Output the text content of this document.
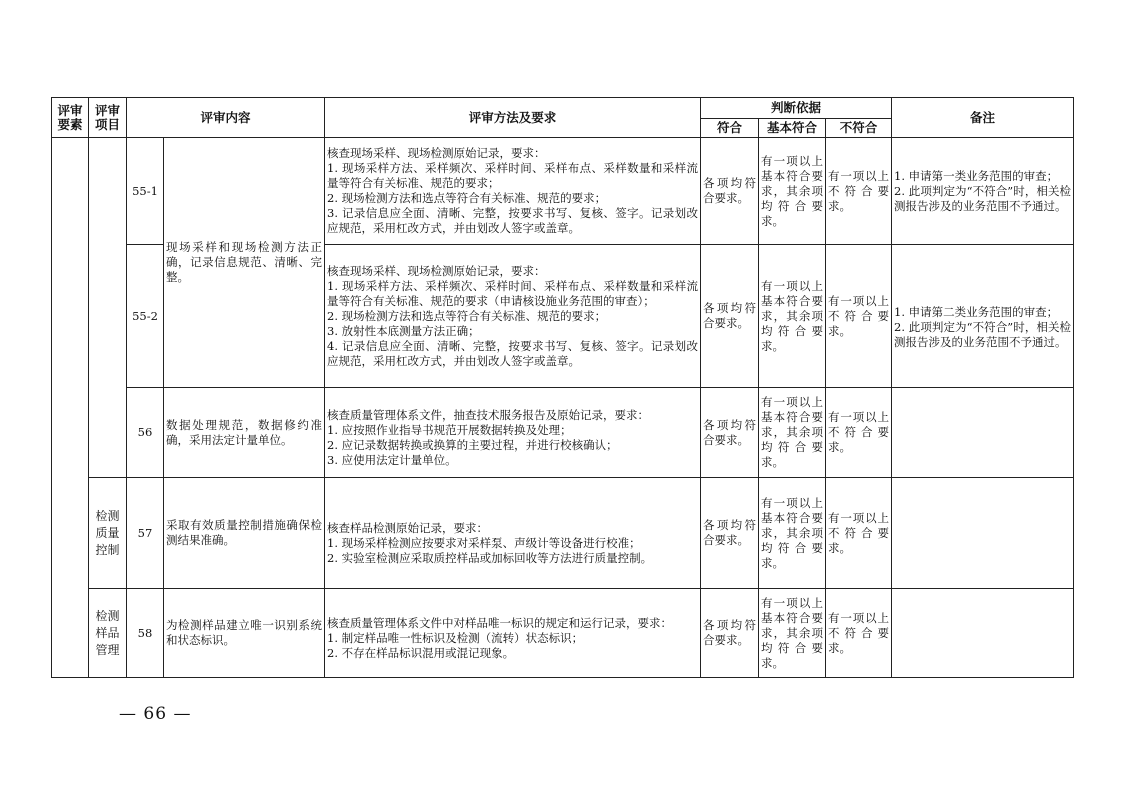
评审要素	评审项目	评审内容		评审方法及要求	判断依据			备注
					符合	基本符合	不符合	
		55-1	现场采样和现场检测方法正确，记录信息规范、清晰、完整。	核查现场采样、现场检测原始记录，要求：
1. 现场采样方法、采样频次、采样时间、采样布点、采样数量和采样流量等符合有关标准、规范的要求；
2. 现场检测方法和选点等符合有关标准、规范的要求；
3. 记录信息应全面、清晰、完整，按要求书写、复核、签字。记录划改应规范，采用杠改方式，并由划改人签字或盖章。	各项均符合要求。	有一项以上基本符合要求，其余项均符合要求。	有一项以上不符合要求。	1. 申请第一类业务范围的审查；
2. 此项判定为“不符合”时，相关检测报告涉及的业务范围不予通过。
		55-2		核查现场采样、现场检测原始记录，要求：
1. 现场采样方法、采样频次、采样时间、采样布点、采样数量和采样流量等符合有关标准、规范的要求（申请核设施业务范围的审查）；
2. 现场检测方法和选点等符合有关标准、规范的要求；
3. 放射性本底测量方法正确；
4. 记录信息应全面、清晰、完整，按要求书写、复核、签字。记录划改应规范，采用杠改方式，并由划改人签字或盖章。	各项均符合要求。	有一项以上基本符合要求，其余项均符合要求。	有一项以上不符合要求。	1. 申请第二类业务范围的审查；
2. 此项判定为“不符合”时，相关检测报告涉及的业务范围不予通过。
		56	数据处理规范，数据修约准确，采用法定计量单位。	核查质量管理体系文件，抽查技术服务报告及原始记录，要求：
1. 应按照作业指导书规范开展数据转换及处理；
2. 应记录数据转换或换算的主要过程，并进行校核确认；
3. 应使用法定计量单位。	各项均符合要求。	有一项以上基本符合要求，其余项均符合要求。	有一项以上不符合要求。	
	检测质量控制	57	采取有效质量控制措施确保检测结果准确。	核查样品检测原始记录，要求：
1. 现场采样检测应按要求对采样泵、声级计等设备进行校准；
2. 实验室检测应采取质控样品或加标回收等方法进行质量控制。	各项均符合要求。	有一项以上基本符合要求，其余项均符合要求。	有一项以上不符合要求。	
	检测样品管理	58	为检测样品建立唯一识别系统和状态标识。	核查质量管理体系文件中对样品唯一标识的规定和运行记录，要求：
1. 制定样品唯一性标识及检测（流转）状态标识；
2. 不存在样品标识混用或混记现象。	各项均符合要求。	有一项以上基本符合要求，其余项均符合要求。	有一项以上不符合要求。	
— 66 —
